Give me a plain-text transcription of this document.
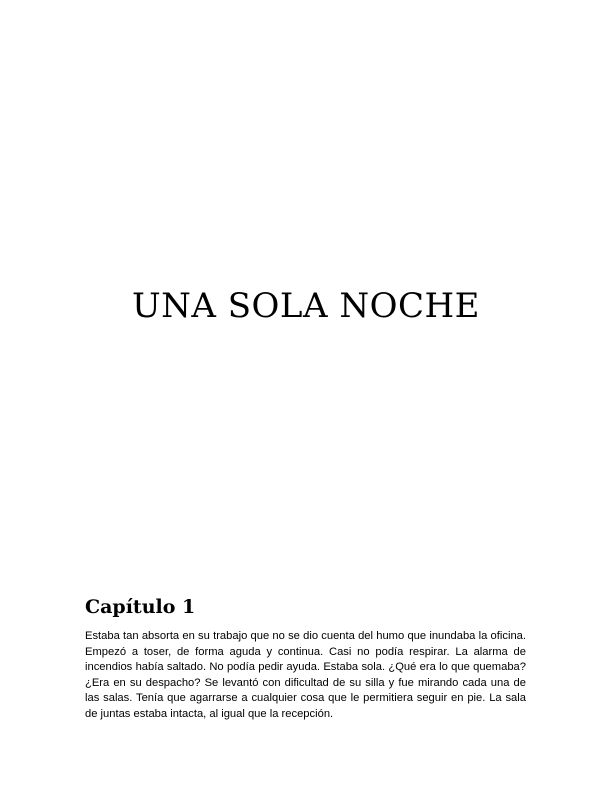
UNA SOLA NOCHE
Capítulo 1

Estaba tan absorta en su trabajo que no se dio cuenta del humo que inundaba la oficina. Empezó a toser, de forma aguda y continua. Casi no podía respirar. La alarma de incendios había saltado. No podía pedir ayuda. Estaba sola. ¿Qué era lo que quemaba? ¿Era en su despacho? Se levantó con dificultad de su silla y fue mirando cada una de las salas. Tenía que agarrarse a cualquier cosa que le permitiera seguir en pie. La sala de juntas estaba intacta, al igual que la recepción.
